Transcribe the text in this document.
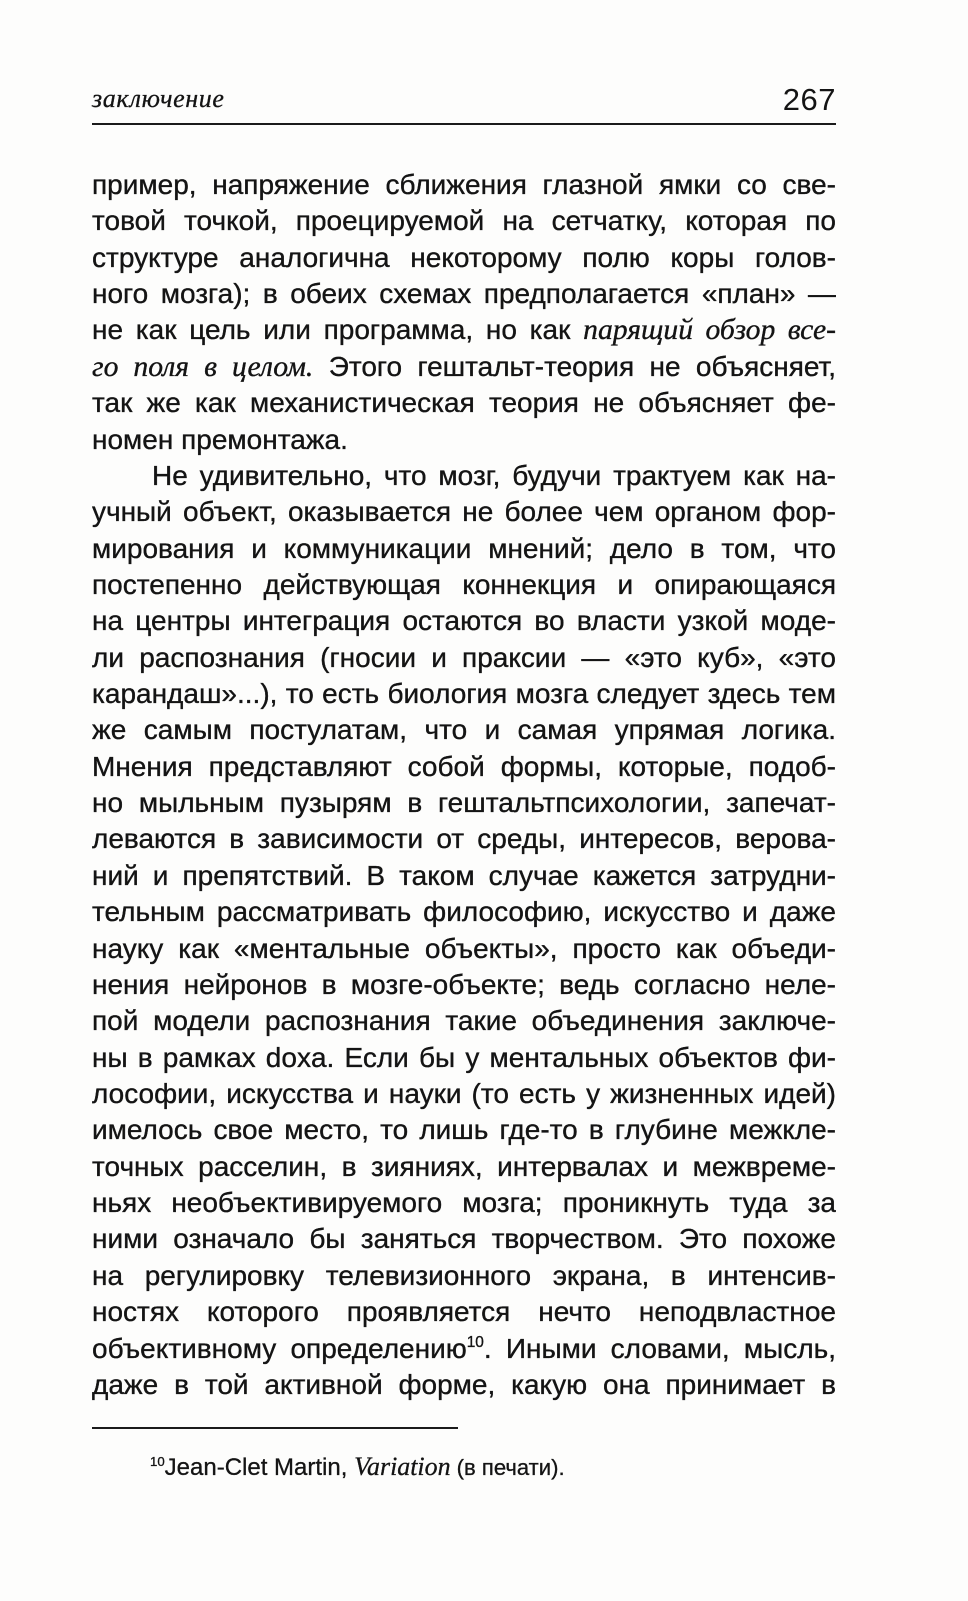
заключение	267
пример, напряжение сближения глазной ямки со све-
товой точкой, проецируемой на сетчатку, которая по
структуре аналогична некоторому полю коры голов-
ного мозга); в обеих схемах предполагается «план» —
не как цель или программа, но как парящий обзор все-
го поля в целом. Этого гештальт-теория не объясняет,
так же как механистическая теория не объясняет фе-
номен премонтажа.
Не удивительно, что мозг, будучи трактуем как на-
учный объект, оказывается не более чем органом фор-
мирования и коммуникации мнений; дело в том, что
постепенно действующая коннекция и опирающаяся
на центры интеграция остаются во власти узкой моде-
ли распознания (гносии и праксии — «это куб», «это
карандаш»...), то есть биология мозга следует здесь тем
же самым постулатам, что и самая упрямая логика.
Мнения представляют собой формы, которые, подоб-
но мыльным пузырям в гештальтпсихологии, запечат-
леваются в зависимости от среды, интересов, верова-
ний и препятствий. В таком случае кажется затрудни-
тельным рассматривать философию, искусство и даже
науку как «ментальные объекты», просто как объеди-
нения нейронов в мозге-объекте; ведь согласно неле-
пой модели распознания такие объединения заключе-
ны в рамках doxa. Если бы у ментальных объектов фи-
лософии, искусства и науки (то есть у жизненных идей)
имелось свое место, то лишь где-то в глубине межкле-
точных расселин, в зияниях, интервалах и межвреме-
ньях необъективируемого мозга; проникнуть туда за
ними означало бы заняться творчеством. Это похоже
на регулировку телевизионного экрана, в интенсив-
ностях которого проявляется нечто неподвластное
объективному определению$^{10}$. Иными словами, мысль,
даже в той активной форме, какую она принимает в
$^{10}$Jean-Clet Martin, Variation (в печати).
